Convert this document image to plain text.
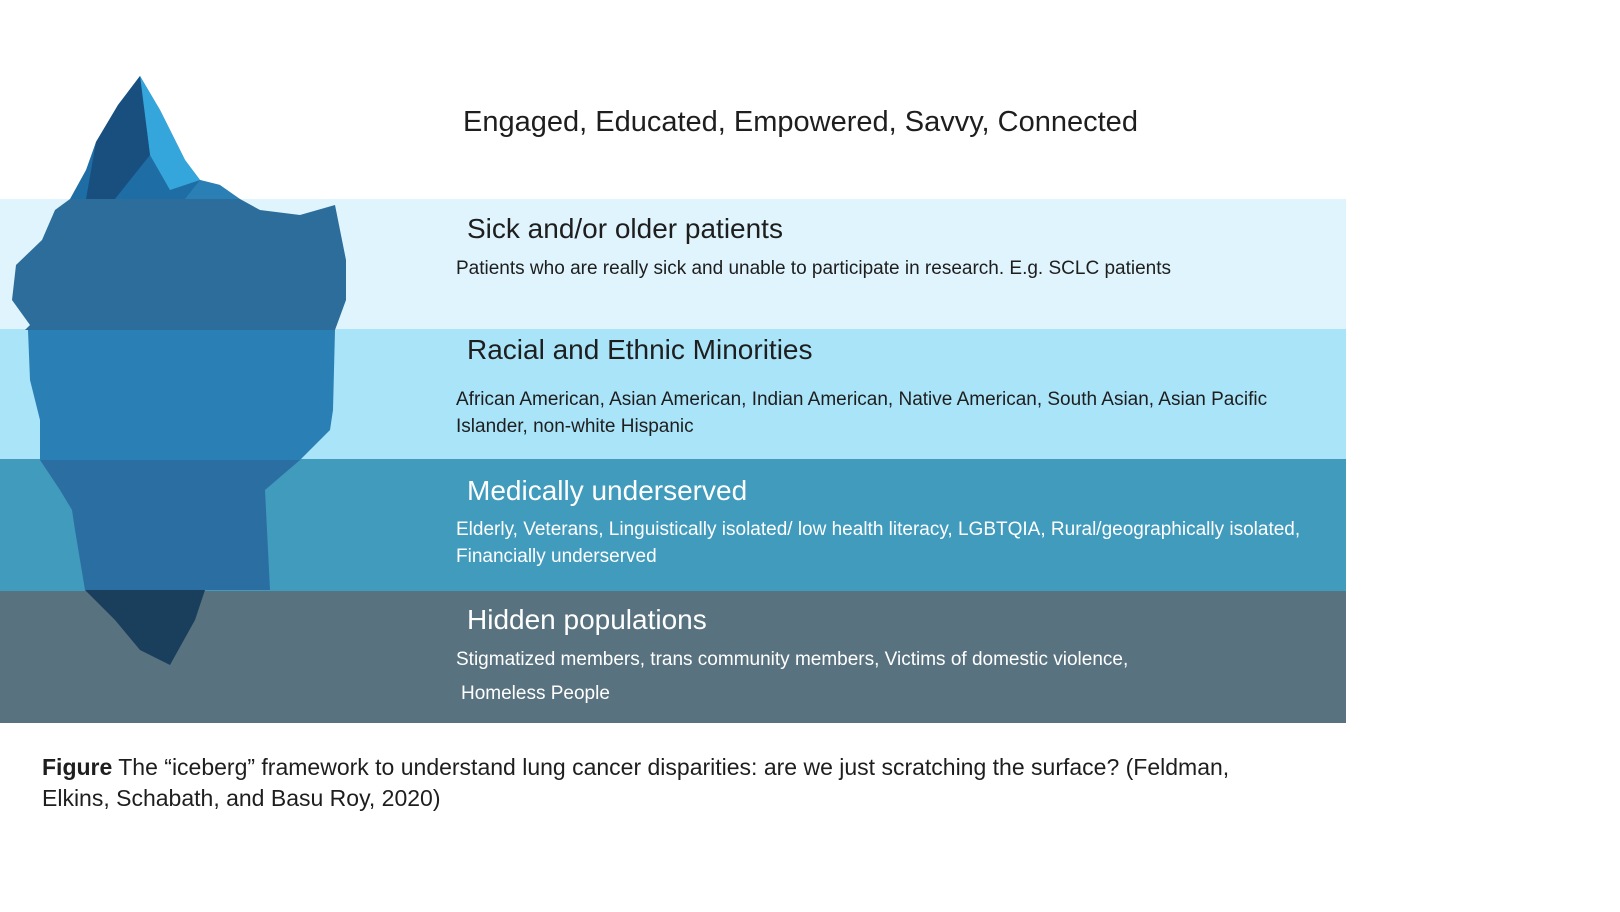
Engaged, Educated, Empowered, Savvy, Connected
Sick and/or older patients
Patients who are really sick and unable to participate in research. E.g. SCLC patients
Racial and Ethnic Minorities
African American, Asian American, Indian American, Native American, South Asian, Asian Pacific Islander, non-white Hispanic
Medically underserved
Elderly, Veterans, Linguistically isolated/ low health literacy, LGBTQIA, Rural/geographically isolated, Financially underserved
Hidden populations
Stigmatized members, trans community members, Victims of domestic violence,
Homeless People
Figure The “iceberg” framework to understand lung cancer disparities: are we just scratching the surface? (Feldman, Elkins, Schabath, and Basu Roy, 2020)
